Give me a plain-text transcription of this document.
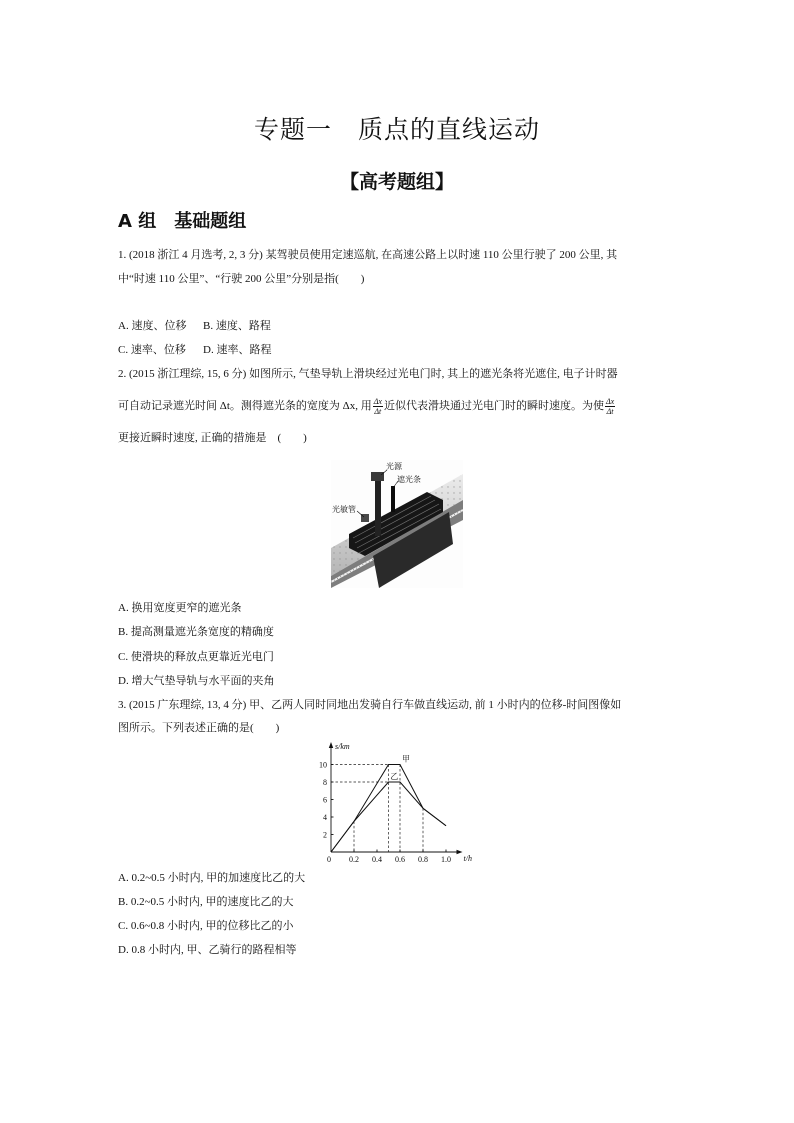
专题一　质点的直线运动
【高考题组】
A 组　基础题组
1. (2018 浙江 4 月选考, 2, 3 分) 某驾驶员使用定速巡航, 在高速公路上以时速 110 公里行驶了 200 公里, 其
中“时速 110 公里”、“行驶 200 公里”分别是指(　　)
A. 速度、位移 B. 速度、路程
C. 速率、位移 D. 速率、路程
2. (2015 浙江理综, 15, 6 分) 如图所示, 气垫导轨上滑块经过光电门时, 其上的遮光条将光遮住, 电子计时器
可自动记录遮光时间 Δt。测得遮光条的宽度为 Δx, 用 $\frac{\Delta x}{\Delta t}$ 近似代表滑块通过光电门时的瞬时速度。为使 $\frac{\Delta x}{\Delta t}$
更接近瞬时速度, 正确的措施是　(　　)
光源
遮光条
光敏管
A. 换用宽度更窄的遮光条
B. 提高测量遮光条宽度的精确度
C. 使滑块的释放点更靠近光电门
D. 增大气垫导轨与水平面的夹角
3. (2015 广东理综, 13, 4 分) 甲、乙两人同时同地出发骑自行车做直线运动, 前 1 小时内的位移-时间图像如
图所示。下列表述正确的是(　　)
0.2 0.4 0.6 0.8 1.0
2
4
6
8
10
0
s/km
t/h
甲
乙
A. 0.2~0.5 小时内, 甲的加速度比乙的大
B. 0.2~0.5 小时内, 甲的速度比乙的大
C. 0.6~0.8 小时内, 甲的位移比乙的小
D. 0.8 小时内, 甲、乙骑行的路程相等
